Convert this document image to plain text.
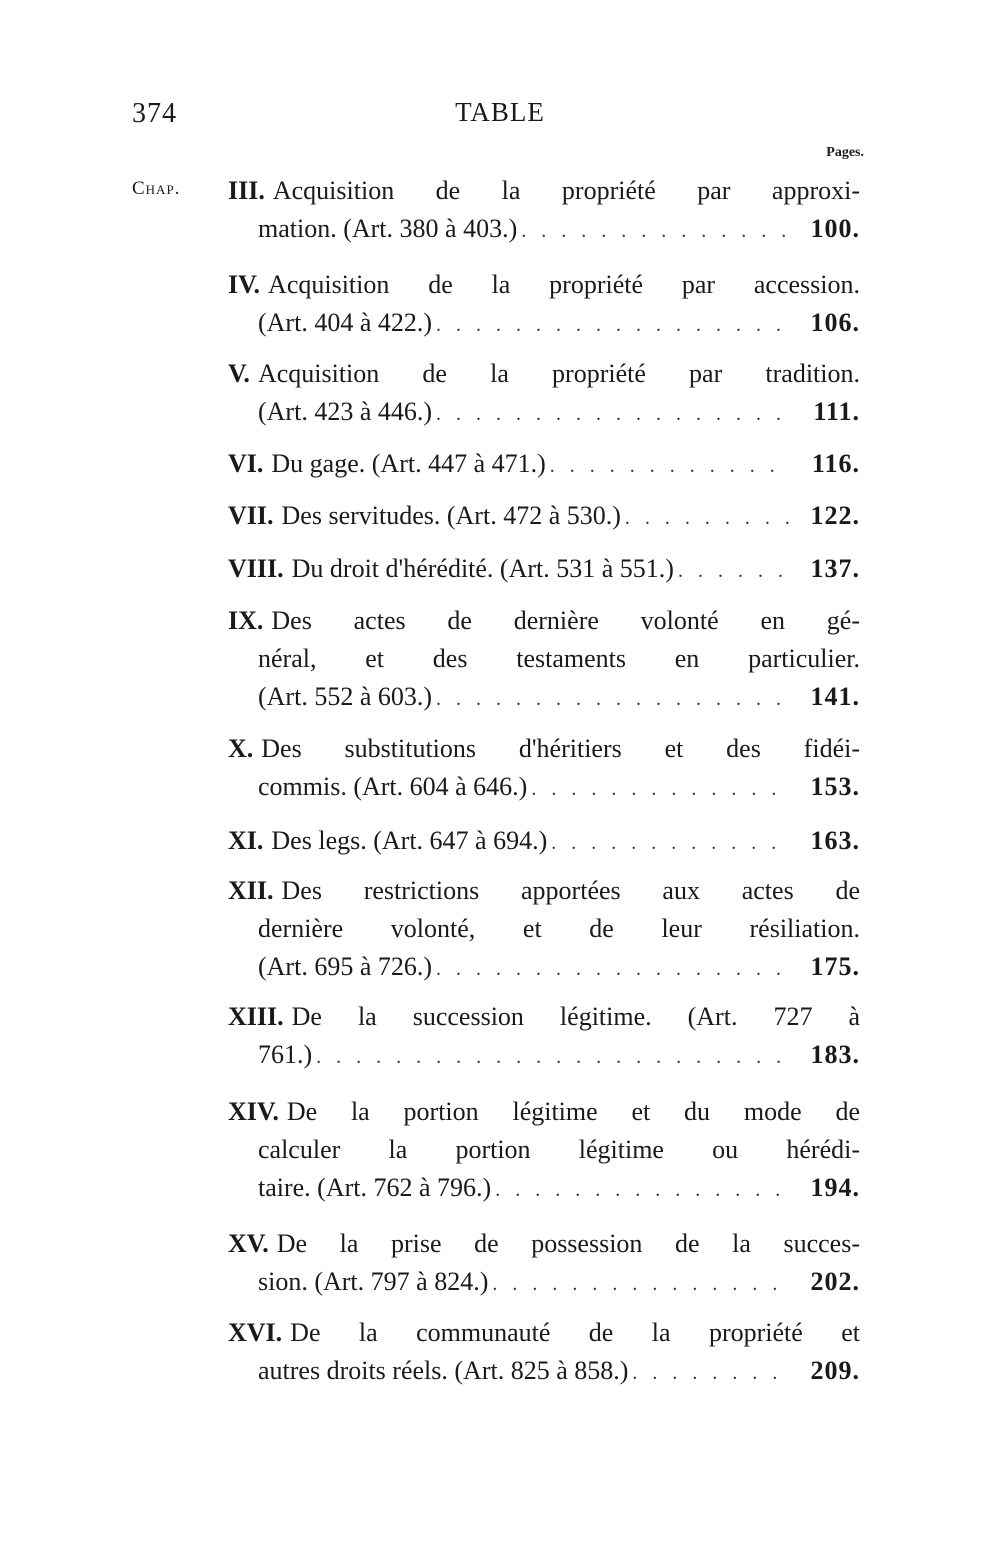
374	TABLE
Pages.
Chap. III. Acquisition de la propriété par approxi-
mation. (Art. 380 à 403.) . . .	100.
IV. Acquisition de la propriété par accession.
(Art. 404 à 422.) . . .	106.
V. Acquisition de la propriété par tradition.
(Art. 423 à 446.) . . .	111.
VI. Du gage. (Art. 447 à 471.) . . .	116.
VII. Des servitudes. (Art. 472 à 530.) . . .	122.
VIII. Du droit d'hérédité. (Art. 531 à 551.) . . .	137.
IX. Des actes de dernière volonté en gé-
néral, et des testaments en particulier.
(Art. 552 à 603.) . . .	141.
X. Des substitutions d'héritiers et des fidéi-
commis. (Art. 604 à 646.) . . .	153.
XI. Des legs. (Art. 647 à 694.) . . .	163.
XII. Des restrictions apportées aux actes de
dernière volonté, et de leur résiliation.
(Art. 695 à 726.) . . .	175.
XIII. De la succession légitime. (Art. 727 à
761.) . . .	183.
XIV. De la portion légitime et du mode de
calculer la portion légitime ou hérédi-
taire. (Art. 762 à 796.) . . .	194.
XV. De la prise de possession de la succes-
sion. (Art. 797 à 824.) . . .	202.
XVI. De la communauté de la propriété et
autres droits réels. (Art. 825 à 858.) . . .	209.
